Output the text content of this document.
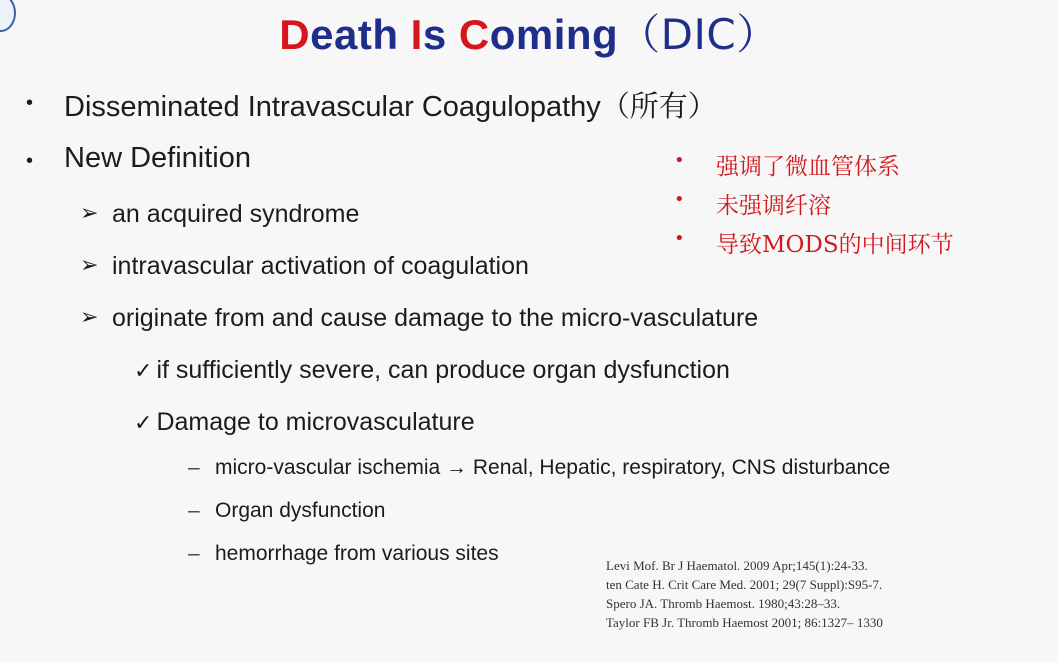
Death Is Coming（DIC）
• Disseminated Intravascular Coagulopathy（所有）
• New Definition
➢ an acquired syndrome
➢ intravascular activation of coagulation
➢ originate from and cause damage to the micro-vasculature
✓ if sufficiently severe, can produce organ dysfunction
✓ Damage to microvasculature
– micro-vascular ischemia → Renal, Hepatic, respiratory, CNS disturbance
– Organ dysfunction
– hemorrhage from various sites
• 强调了微血管体系
• 未强调纤溶
• 导致MODS的中间环节
Levi Mof. Br J Haematol. 2009 Apr;145(1):24-33.
ten Cate H. Crit Care Med. 2001; 29(7 Suppl):S95-7.
Spero JA. Thromb Haemost. 1980;43:28–33.
Taylor FB Jr. Thromb Haemost 2001; 86:1327– 1330
